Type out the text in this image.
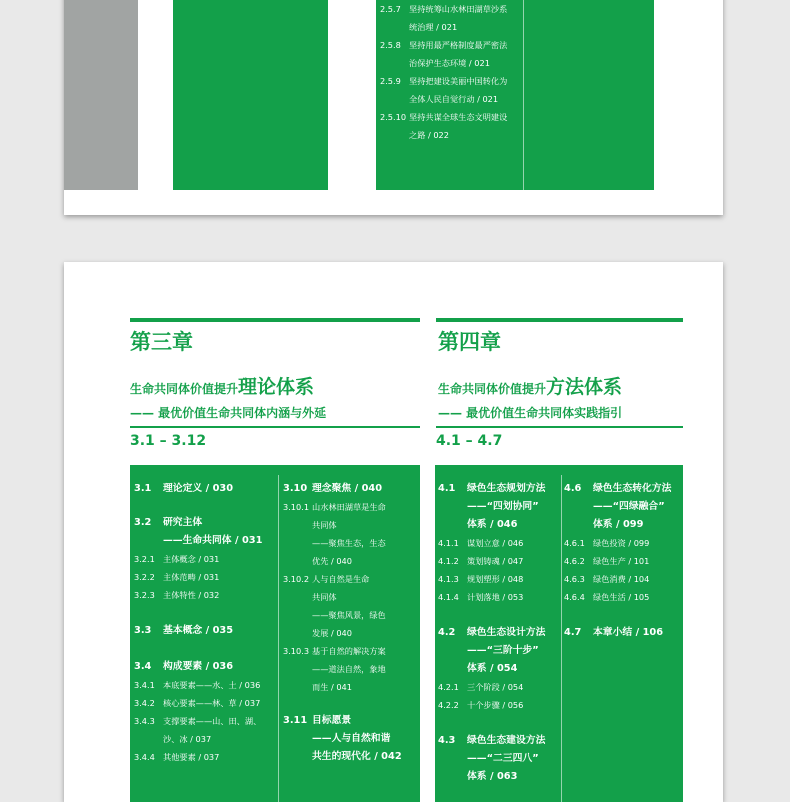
2.5.7 坚持统筹山水林田湖草沙系
统治理 / 021
2.5.8 坚持用最严格制度最严密法
治保护生态环境 / 021
2.5.9 坚持把建设美丽中国转化为
全体人民自觉行动 / 021
2.5.10 坚持共谋全球生态文明建设
之路 / 022
第三章
生命共同体价值提升理论体系
—— 最优价值生命共同体内涵与外延
3.1 – 3.12
第四章
生命共同体价值提升方法体系
—— 最优价值生命共同体实践指引
4.1 – 4.7
3.1 理论定义 / 030
3.2 研究主体
——生命共同体 / 031
3.2.1 主体概念 / 031
3.2.2 主体范畴 / 031
3.2.3 主体特性 / 032
3.3 基本概念 / 035
3.4 构成要素 / 036
3.4.1 本底要素——水、土 / 036
3.4.2 核心要素——林、草 / 037
3.4.3 支撑要素——山、田、湖、
沙、冰 / 037
3.4.4 其他要素 / 037
3.10 理念聚焦 / 040
3.10.1 山水林田湖草是生命
共同体
——聚焦生态，生态
优先 / 040
3.10.2 人与自然是生命
共同体
——聚焦风景，绿色
发展 / 040
3.10.3 基于自然的解决方案
——道法自然，象地
而生 / 041
3.11 目标愿景
——人与自然和谐
共生的现代化 / 042
4.1 绿色生态规划方法
——“四划协同”
体系 / 046
4.1.1 谋划立意 / 046
4.1.2 策划铸魂 / 047
4.1.3 规划塑形 / 048
4.1.4 计划落地 / 053
4.2 绿色生态设计方法
——“三阶十步”
体系 / 054
4.2.1 三个阶段 / 054
4.2.2 十个步骤 / 056
4.3 绿色生态建设方法
——“二三四八”
体系 / 063
4.6 绿色生态转化方法
——“四绿融合”
体系 / 099
4.6.1 绿色投资 / 099
4.6.2 绿色生产 / 101
4.6.3 绿色消费 / 104
4.6.4 绿色生活 / 105
4.7 本章小结 / 106
